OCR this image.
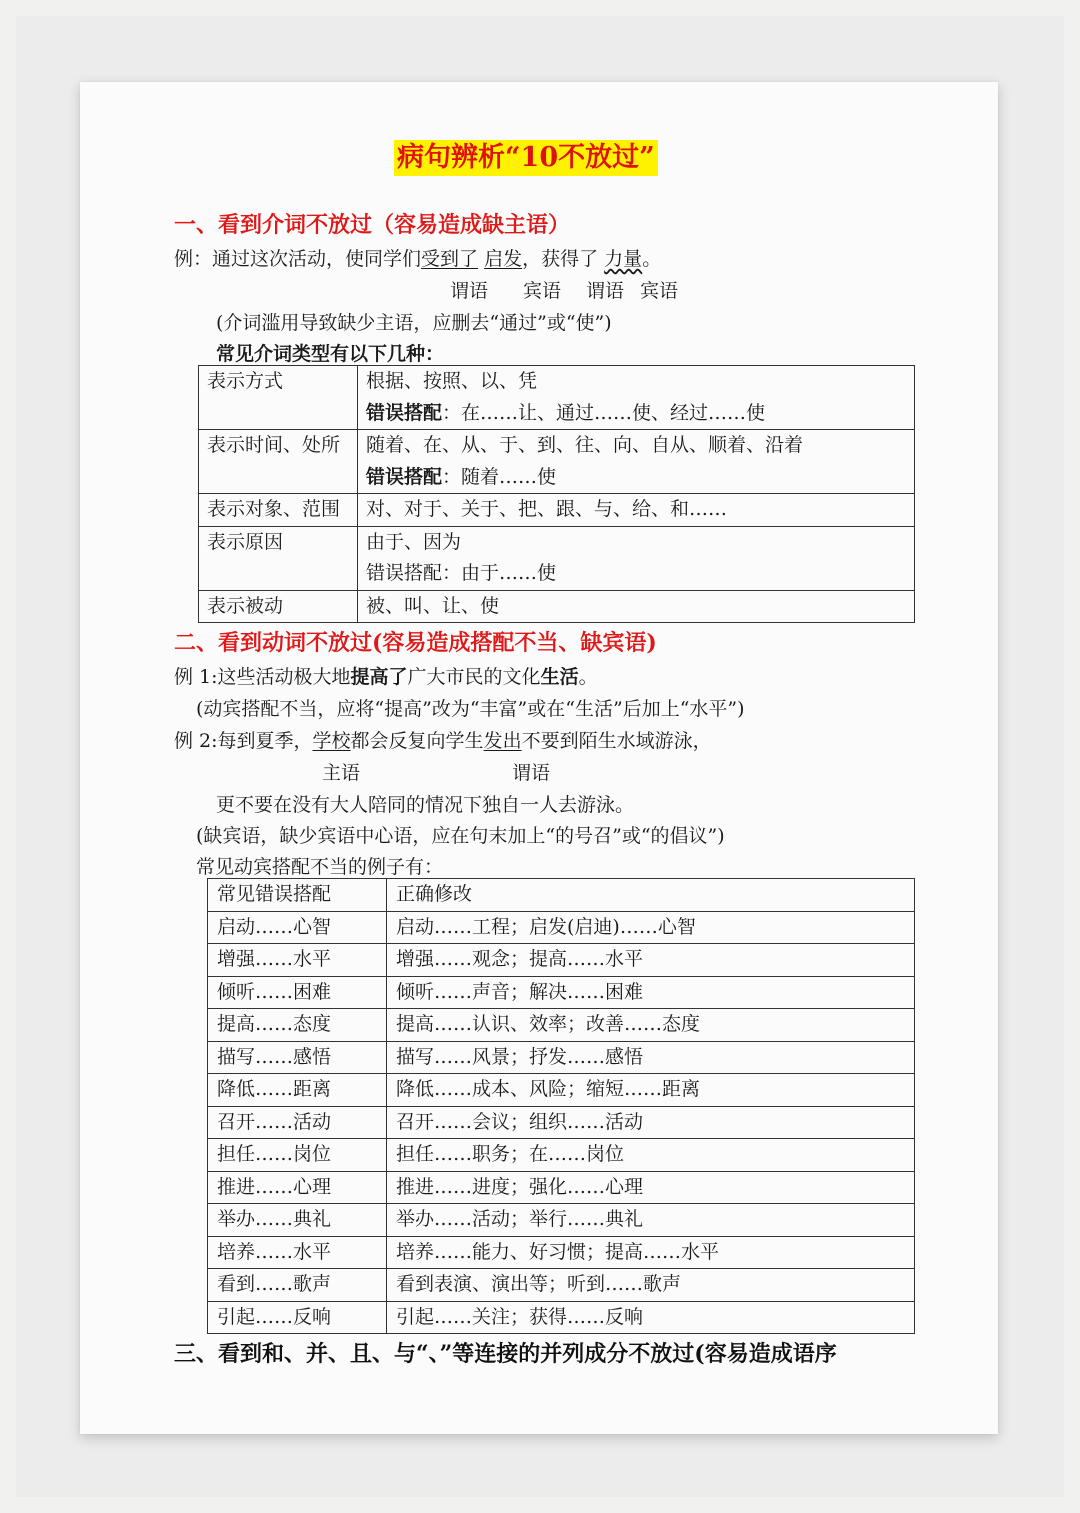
病句辨析“10不放过”
一、看到介词不放过（容易造成缺主语）
例：通过这次活动，使同学们受到了 启发，获得了 力量。
谓语 宾语 谓语 宾语
(介词滥用导致缺少主语，应删去“通过”或“使”)
常见介词类型有以下几种：
表示方式	根据、按照、以、凭
错误搭配：在……让、通过……使、经过……使

表示时间、处所	随着、在、从、于、到、往、向、自从、顺着、沿着
错误搭配：随着……使

表示对象、范围	对、对于、关于、把、跟、与、给、和……

表示原因	由于、因为
错误搭配：由于……使

表示被动	被、叫、让、使
二、看到动词不放过(容易造成搭配不当、缺宾语)
例 1:这些活动极大地提高了广大市民的文化生活。
(动宾搭配不当，应将“提高”改为“丰富”或在“生活”后加上“水平”)
例 2:每到夏季，学校都会反复向学生发出不要到陌生水域游泳，
主语	谓语
更不要在没有大人陪同的情况下独自一人去游泳。
(缺宾语，缺少宾语中心语，应在句末加上“的号召”或“的倡议”)
常见动宾搭配不当的例子有：
常见错误搭配	正确修改
启动……心智	启动……工程；启发(启迪)……心智
增强……水平	增强……观念；提高……水平
倾听……困难	倾听……声音；解决……困难
提高……态度	提高……认识、效率；改善……态度
描写……感悟	描写……风景；抒发……感悟
降低……距离	降低……成本、风险；缩短……距离
召开……活动	召开……会议；组织……活动
担任……岗位	担任……职务；在……岗位
推进……心理	推进……进度；强化……心理
举办……典礼	举办……活动；举行……典礼
培养……水平	培养……能力、好习惯；提高……水平
看到……歌声	看到表演、演出等；听到……歌声
引起……反响	引起……关注；获得……反响
三、看到和、并、且、与“、”等连接的并列成分不放过(容易造成语序
